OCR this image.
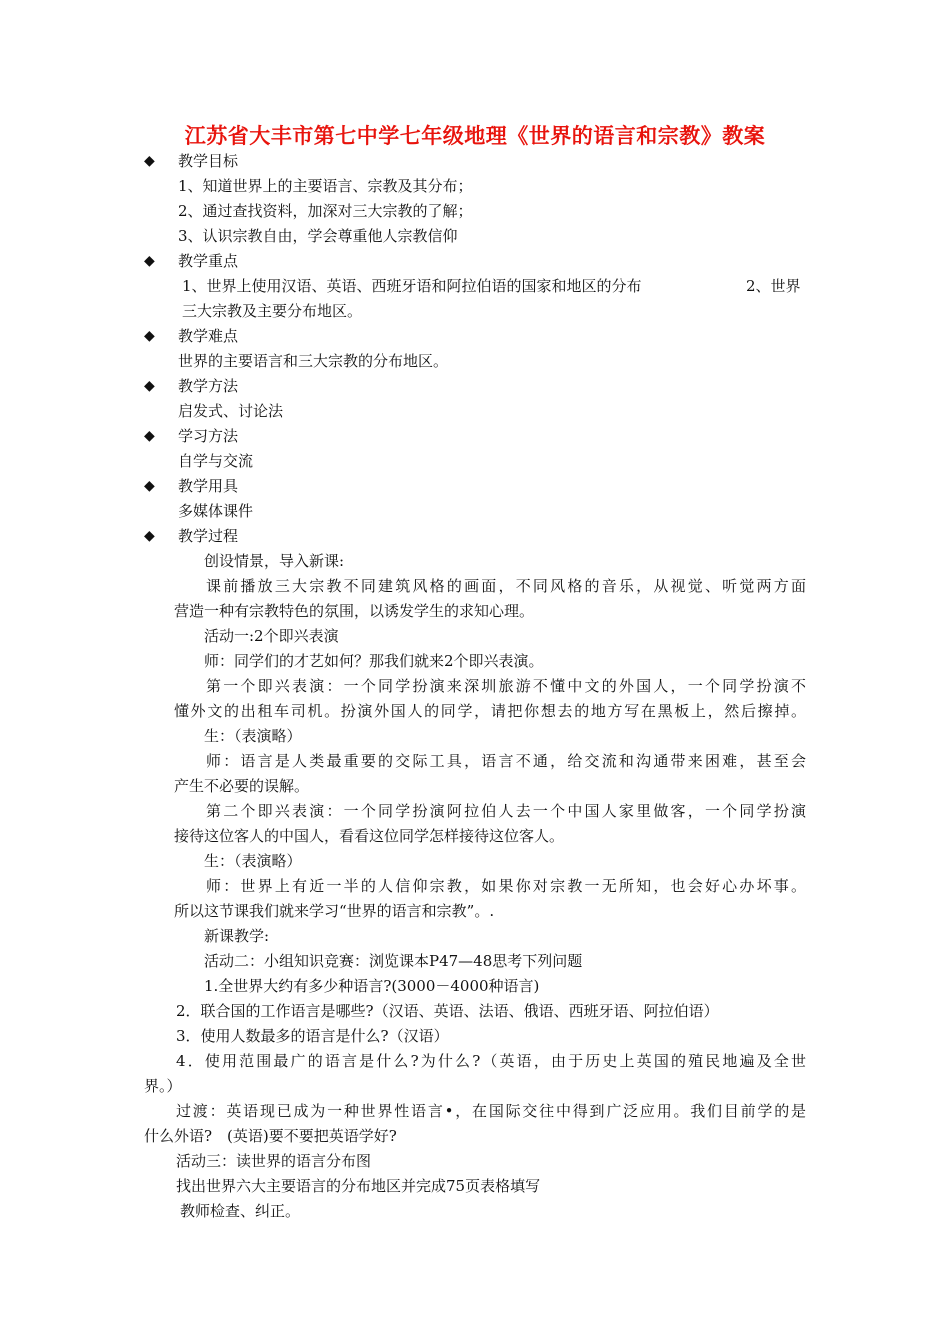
江苏省大丰市第七中学七年级地理《世界的语言和宗教》教案
◆ 教学目标
1、知道世界上的主要语言、宗教及其分布；
2、通过查找资料，加深对三大宗教的了解；
3、认识宗教自由，学会尊重他人宗教信仰
◆ 教学重点
1、世界上使用汉语、英语、西班牙语和阿拉伯语的国家和地区的分布	2、世界
三大宗教及主要分布地区。
◆ 教学难点
世界的主要语言和三大宗教的分布地区。
◆ 教学方法
启发式、讨论法
◆ 学习方法
自学与交流
◆ 教学用具
多媒体课件
◆ 教学过程
创设情景，导入新课:
课前播放三大宗教不同建筑风格的画面，不同风格的音乐，从视觉、听觉两方面
营造一种有宗教特色的氛围，以诱发学生的求知心理。
活动一:2个即兴表演
师：同学们的才艺如何？那我们就来2个即兴表演。
第一个即兴表演：一个同学扮演来深圳旅游不懂中文的外国人，一个同学扮演不
懂外文的出租车司机。扮演外国人的同学，请把你想去的地方写在黑板上，然后擦掉。
生：（表演略）
师：语言是人类最重要的交际工具，语言不通，给交流和沟通带来困难，甚至会
产生不必要的误解。
第二个即兴表演：一个同学扮演阿拉伯人去一个中国人家里做客，一个同学扮演
接待这位客人的中国人，看看这位同学怎样接待这位客人。
生：（表演略）
师：世界上有近一半的人信仰宗教，如果你对宗教一无所知，也会好心办坏事。
所以这节课我们就来学习“世界的语言和宗教”。.
新课教学:
活动二：小组知识竞赛：浏览课本P47—48思考下列问题
1.全世界大约有多少种语言?(3000－4000种语言)
2．联合国的工作语言是哪些?（汉语、英语、法语、俄语、西班牙语、阿拉伯语）
3．使用人数最多的语言是什么?（汉语）
4．使用范围最广的语言是什么?为什么?（英语，由于历史上英国的殖民地遍及全世
界。）
过渡：英语现已成为一种世界性语言•，在国际交往中得到广泛应用。我们目前学的是
什么外语?　(英语)要不要把英语学好?
活动三：读世界的语言分布图
找出世界六大主要语言的分布地区并完成75页表格填写
教师检查、纠正。
